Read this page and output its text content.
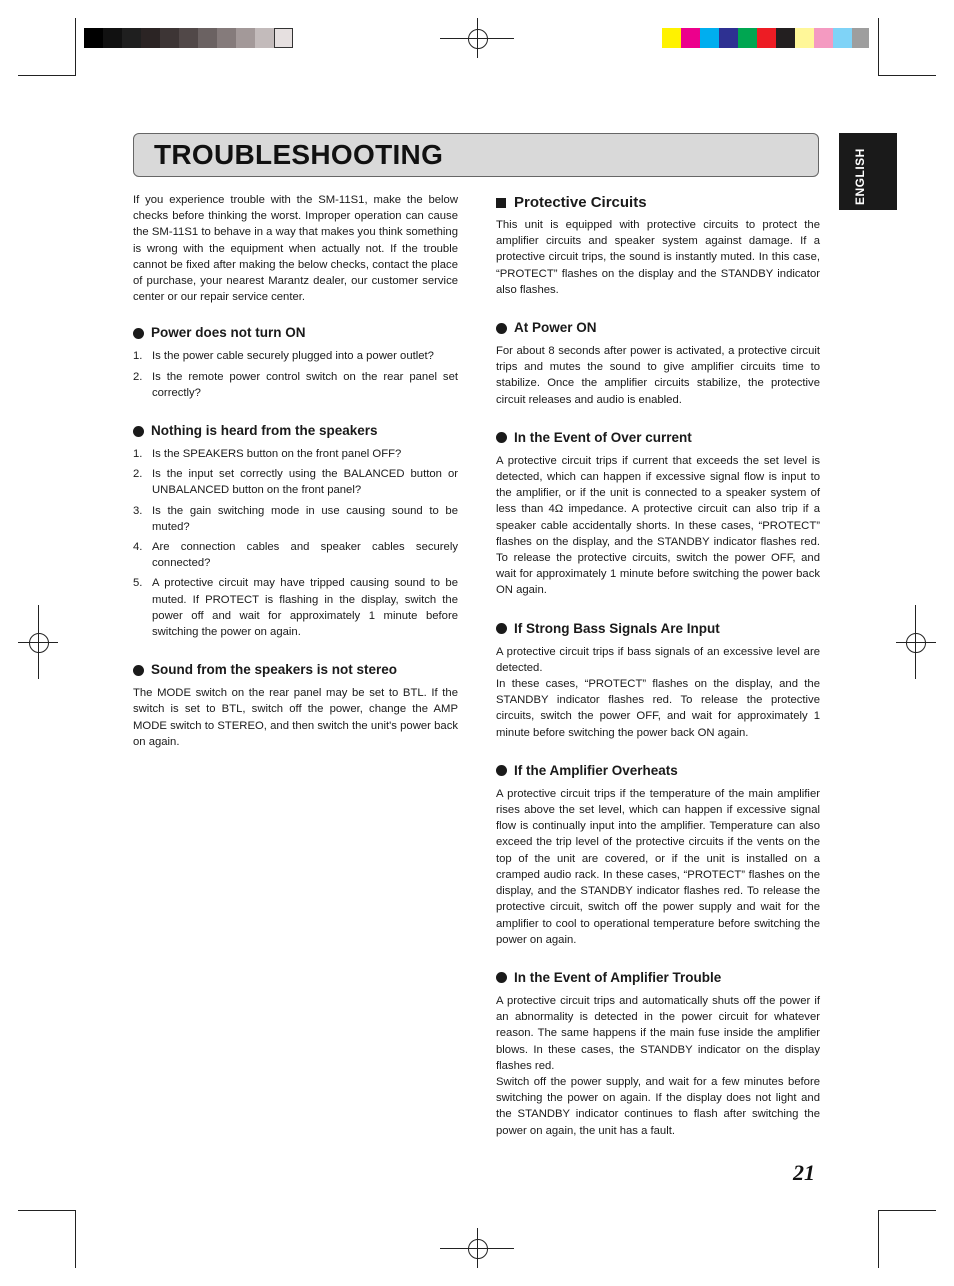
TROUBLESHOOTING	ENGLISH

If you experience trouble with the SM-11S1, make the below checks before thinking the worst. Improper operation can cause the SM-11S1 to behave in a way that makes you think something is wrong with the equipment when actually not. If the trouble cannot be fixed after making the below checks, contact the place of purchase, your nearest Marantz dealer, our customer service center or our repair service center.

Power does not turn ON
1. Is the power cable securely plugged into a power outlet?
2. Is the remote power control switch on the rear panel set correctly?
Nothing is heard from the speakers
1. Is the SPEAKERS button on the front panel OFF?
2. Is the input set correctly using the BALANCED button or UNBALANCED button on the front panel?
3. Is the gain switching mode in use causing sound to be muted?
4. Are connection cables and speaker cables securely connected?
5. A protective circuit may have tripped causing sound to be muted. If PROTECT is flashing in the display, switch the power off and wait for approximately 1 minute before switching the power on again.
Sound from the speakers is not stereo

The MODE switch on the rear panel may be set to BTL. If the switch is set to BTL, switch off the power, change the AMP MODE switch to STEREO, and then switch the unit's power back on again.

Protective Circuits

This unit is equipped with protective circuits to protect the amplifier circuits and speaker system against damage. If a protective circuit trips, the sound is instantly muted. In this case, “PROTECT” flashes on the display and the STANDBY indicator also flashes.

At Power ON

For about 8 seconds after power is activated, a protective circuit trips and mutes the sound to give amplifier circuits time to stabilize. Once the amplifier circuits stabilize, the protective circuit releases and audio is enabled.

In the Event of Over current

A protective circuit trips if current that exceeds the set level is detected, which can happen if excessive signal flow is input to the amplifier, or if the unit is connected to a speaker system of less than 4Ω impedance. A protective circuit can also trip if a speaker cable accidentally shorts. In these cases, “PROTECT” flashes on the display, and the STANDBY indicator flashes red. To release the protective circuits, switch the power OFF, and wait for approximately 1 minute before switching the power back ON again.

If Strong Bass Signals Are Input

A protective circuit trips if bass signals of an excessive level are detected.

In these cases, “PROTECT” flashes on the display, and the STANDBY indicator flashes red. To release the protective circuits, switch the power OFF, and wait for approximately 1 minute before switching the power back ON again.

If the Amplifier Overheats

A protective circuit trips if the temperature of the main amplifier rises above the set level, which can happen if excessive signal flow is continually input into the amplifier. Temperature can also exceed the trip level of the protective circuits if the vents on the top of the unit are covered, or if the unit is installed on a cramped audio rack. In these cases, “PROTECT” flashes on the display, and the STANDBY indicator flashes red. To release the protective circuit, switch off the power supply and wait for the amplifier to cool to operational temperature before switching the power on again.

In the Event of Amplifier Trouble

A protective circuit trips and automatically shuts off the power if an abnormality is detected in the power circuit for whatever reason. The same happens if the main fuse inside the amplifier blows. In these cases, the STANDBY indicator on the display flashes red.

Switch off the power supply, and wait for a few minutes before switching the power on again. If the display does not light and the STANDBY indicator continues to flash after switching the power on again, the unit has a fault.

21
